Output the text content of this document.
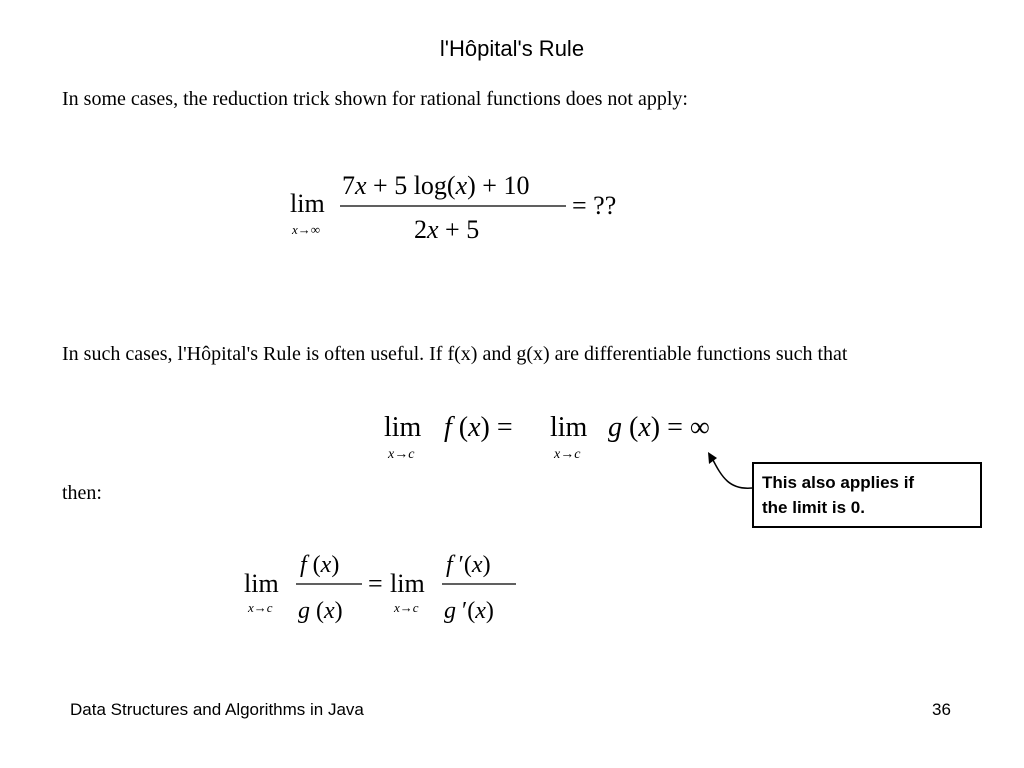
l'Hôpital's Rule
In some cases, the reduction trick shown for rational functions does not apply:
lim
x→∞
7x + 5 log(x) + 10
2x + 5
= ??
In such cases, l'Hôpital's Rule is often useful. If f(x) and g(x) are differentiable functions such that
lim
x→c
f (x) = lim
x→c
g (x) = ∞
This also applies if
the limit is 0.
then:
lim
x→c
f (x)
g (x)
= lim
x→c
f ′(x)
g ′(x)
Data Structures and Algorithms in Java	36
